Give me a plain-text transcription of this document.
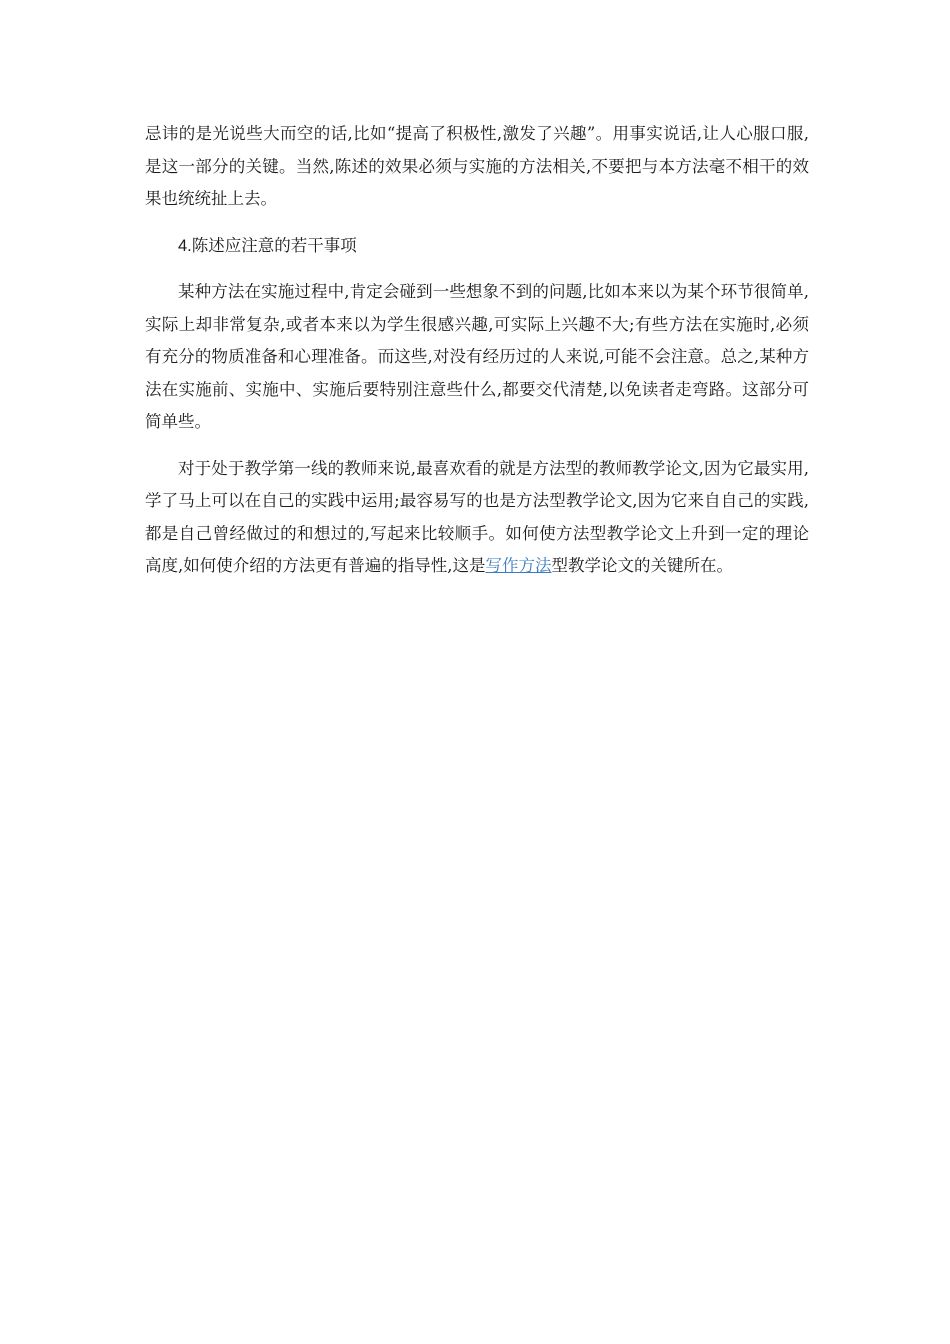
忌讳的是光说些大而空的话,比如“提高了积极性,激发了兴趣”。用事实说话,让人心服口服,是这一部分的关键。当然,陈述的效果必须与实施的方法相关,不要把与本方法毫不相干的效果也统统扯上去。

4.陈述应注意的若干事项

某种方法在实施过程中,肯定会碰到一些想象不到的问题,比如本来以为某个环节很简单,实际上却非常复杂,或者本来以为学生很感兴趣,可实际上兴趣不大;有些方法在实施时,必须有充分的物质准备和心理准备。而这些,对没有经历过的人来说,可能不会注意。总之,某种方法在实施前、实施中、实施后要特别注意些什么,都要交代清楚,以免读者走弯路。这部分可简单些。

对于处于教学第一线的教师来说,最喜欢看的就是方法型的教师教学论文,因为它最实用,学了马上可以在自己的实践中运用;最容易写的也是方法型教学论文,因为它来自自己的实践,都是自己曾经做过的和想过的,写起来比较顺手。如何使方法型教学论文上升到一定的理论高度,如何使介绍的方法更有普遍的指导性,这是写作方法型教学论文的关键所在。
